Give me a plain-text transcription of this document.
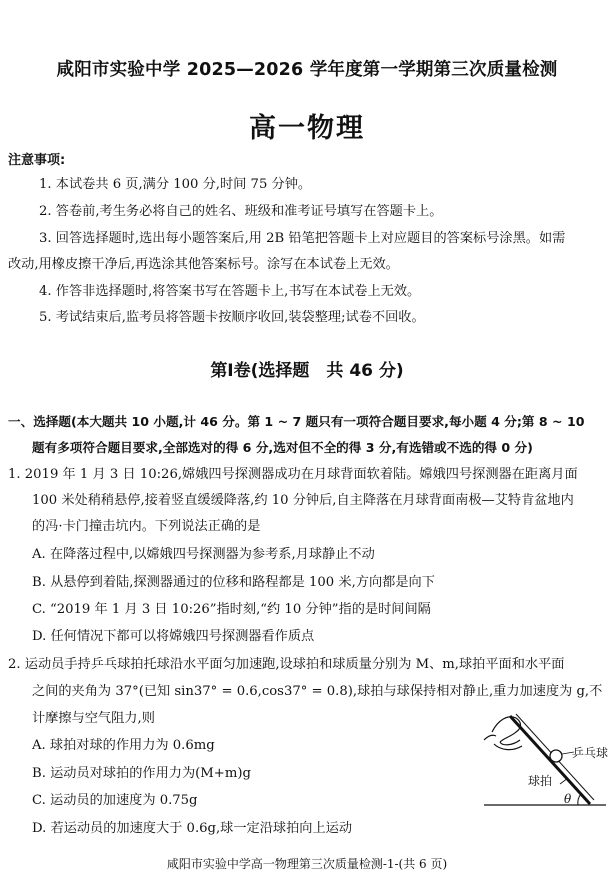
咸阳市实验中学 2025—2026 学年度第一学期第三次质量检测
高一物理
注意事项:
1. 本试卷共 6 页,满分 100 分,时间 75 分钟。
2. 答卷前,考生务必将自己的姓名、班级和准考证号填写在答题卡上。
3. 回答选择题时,选出每小题答案后,用 2B 铅笔把答题卡上对应题目的答案标号涂黑。如需
改动,用橡皮擦干净后,再选涂其他答案标号。涂写在本试卷上无效。
4. 作答非选择题时,将答案书写在答题卡上,书写在本试卷上无效。
5. 考试结束后,监考员将答题卡按顺序收回,装袋整理;试卷不回收。
第Ⅰ卷(选择题　共 46 分)
一、选择题(本大题共 10 小题,计 46 分。第 1 ~ 7 题只有一项符合题目要求,每小题 4 分;第 8 ~ 10
题有多项符合题目要求,全部选对的得 6 分,选对但不全的得 3 分,有选错或不选的得 0 分)
1. 2019 年 1 月 3 日 10:26,嫦娥四号探测器成功在月球背面软着陆。嫦娥四号探测器在距离月面
100 米处稍稍悬停,接着竖直缓缓降落,约 10 分钟后,自主降落在月球背面南极—艾特肯盆地内
的冯·卡门撞击坑内。下列说法正确的是
A. 在降落过程中,以嫦娥四号探测器为参考系,月球静止不动
B. 从悬停到着陆,探测器通过的位移和路程都是 100 米,方向都是向下
C. “2019 年 1 月 3 日 10:26”指时刻,“约 10 分钟”指的是时间间隔
D. 任何情况下都可以将嫦娥四号探测器看作质点
2. 运动员手持乒乓球拍托球沿水平面匀加速跑,设球拍和球质量分别为 M、m,球拍平面和水平面
之间的夹角为 37°(已知 sin37° = 0.6,cos37° = 0.8),球拍与球保持相对静止,重力加速度为 g,不
计摩擦与空气阻力,则
A. 球拍对球的作用力为 0.6mg
B. 运动员对球拍的作用力为(M+m)g
C. 运动员的加速度为 0.75g
D. 若运动员的加速度大于 0.6g,球一定沿球拍向上运动
乒乓球
球拍
θ
咸阳市实验中学高一物理第三次质量检测-1-(共 6 页)
